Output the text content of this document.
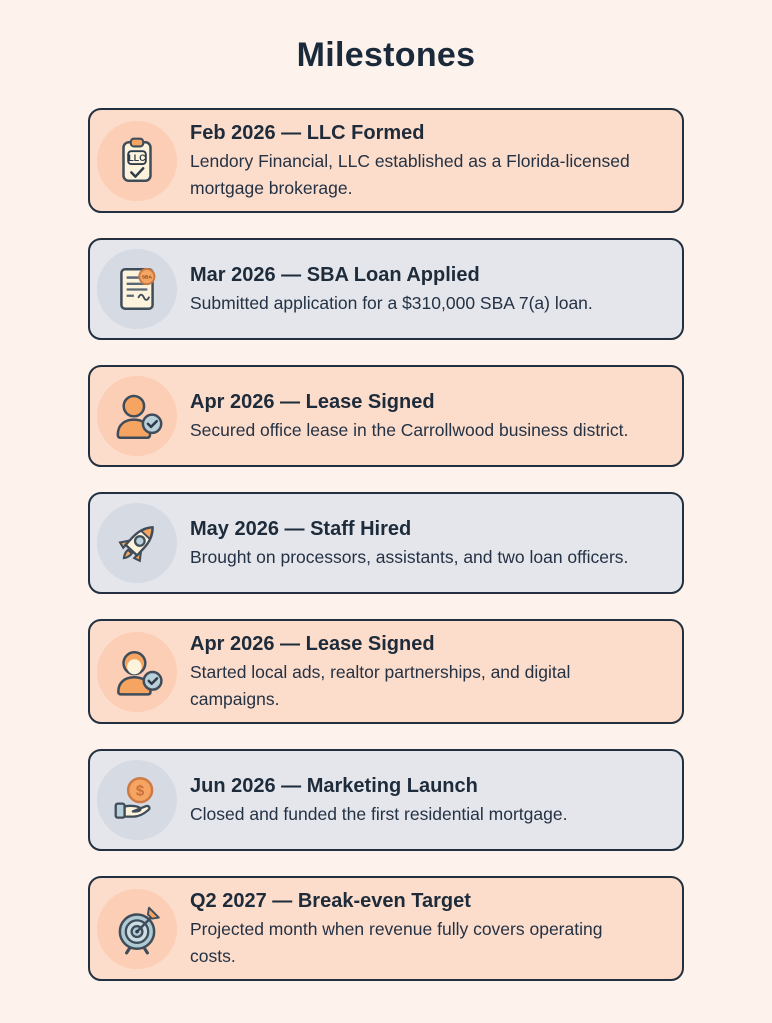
Milestones
LLC
Feb 2026 — LLC Formed
Lendory Financial, LLC established as a Florida-licensed mortgage brokerage.
SBA Mar 2026 — SBA Loan Applied
Submitted application for a $310,000 SBA 7(a) loan.
Apr 2026 — Lease Signed
Secured office lease in the Carrollwood business district.
May 2026 — Staff Hired
Brought on processors, assistants, and two loan officers.
Apr 2026 — Lease Signed
Started local ads, realtor partnerships, and digital campaigns.
$ Jun 2026 — Marketing Launch
Closed and funded the first residential mortgage.
Q2 2027 — Break-even Target
Projected month when revenue fully covers operating costs.
